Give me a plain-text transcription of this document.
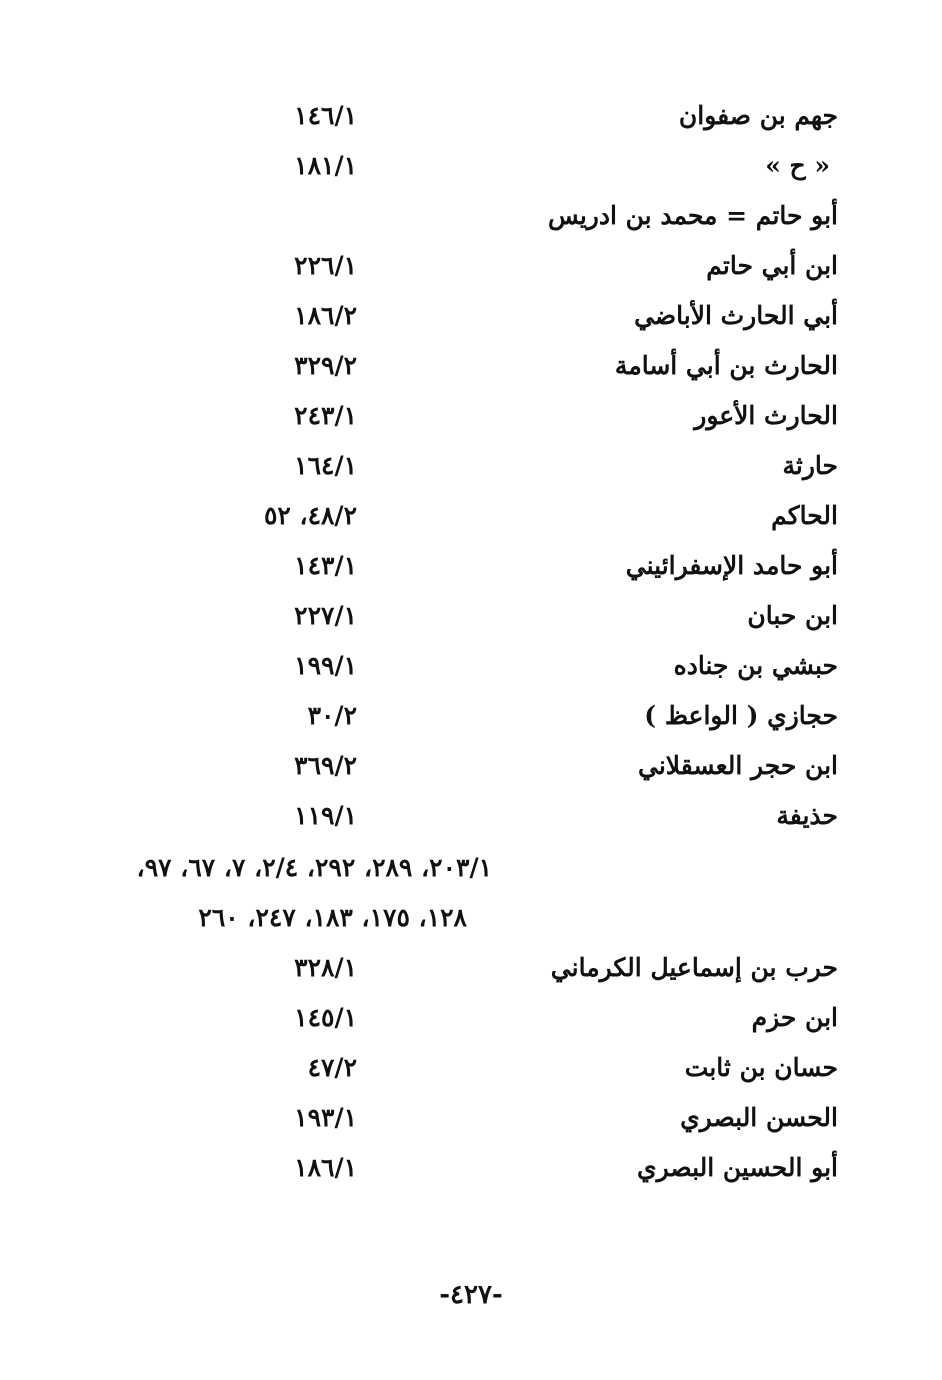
جهم بن صفوان
١٤٦/١
« ح »
١٨١/١
أبو حاتم = محمد بن ادريس
ابن أبي حاتم
٢٢٦/١
أبي الحارث الأباضي
١٨٦/٢
الحارث بن أبي أسامة
٣٢٩/٢
الحارث الأعور
٢٤٣/١
حارثة
١٦٤/١
الحاكم
٤٨/٢، ٥٢
أبو حامد الإسفرائيني
١٤٣/١
ابن حبان
٢٢٧/١
حبشي بن جناده
١٩٩/١
حجازي ( الواعظ )
٣٠/٢
ابن حجر العسقلاني
٣٦٩/٢
حذيفة
١١٩/١
٢٠٣/١، ٢٨٩، ٢٩٢، ٢/٤، ٧، ٦٧، ٩٧،
١٢٨، ١٧٥، ١٨٣، ٢٤٧، ٢٦٠
حرب بن إسماعيل الكرماني
٣٢٨/١
ابن حزم
١٤٥/١
حسان بن ثابت
٤٧/٢
الحسن البصري
١٩٣/١
أبو الحسين البصري
١٨٦/١
-٤٢٧-
